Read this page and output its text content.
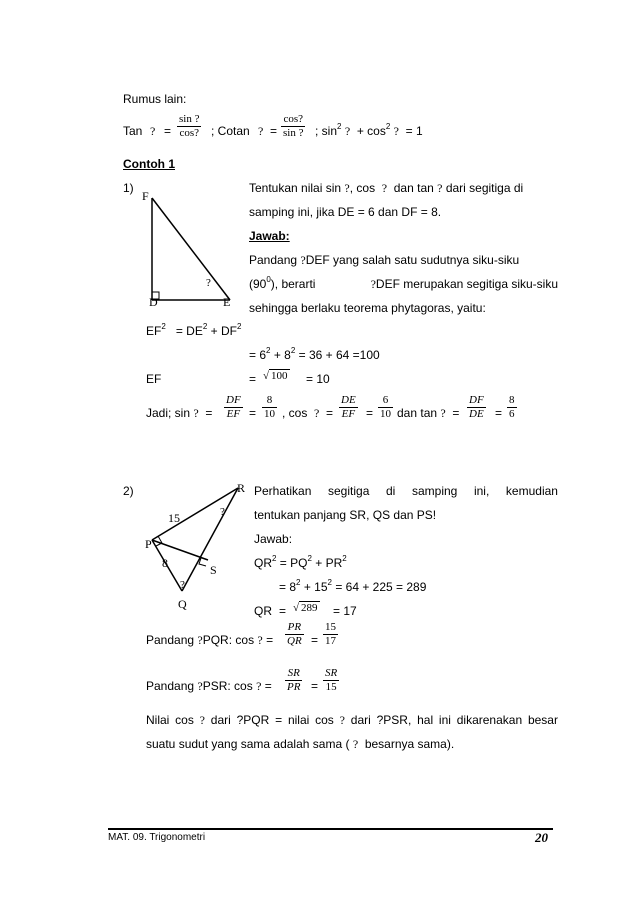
Rumus lain:
Tan ? = $\frac{\sin ?}{\cos?}$ ; Cotan ? = $\frac{\cos?}{\sin ?}$ ; $\sin^2$ ? + $\cos^2$ ? = 1
Contoh 1
1)
F
?
D	E
Tentukan nilai sin ?, cos ? dan tan ? dari segitiga di
samping ini, jika DE = 6 dan DF = 8.
Jawab:
Pandang ?DEF yang salah satu sudutnya siku-siku
$(90^0)$, berarti	?DEF merupakan segitiga siku-siku
sehingga berlaku teorema phytagoras, yaitu:
$EF^2 = DE^2 + DF^2$
= $6^2 + 8^2 = 36 + 64 =100$
EF	= √ 100 = 10
Jadi; sin ? = $\frac{DF}{EF} = \frac{8}{10}$ , cos ? = $\frac{DE}{EF} = \frac{6}{10}$ dan tan ? = $\frac{DF}{DE} = \frac{8}{6}$
2)
?
?
R
15
P
8	S
Q
Perhatikan segitiga di samping ini, kemudian
tentukan panjang SR, QS dan PS!
Jawab:
$QR^2 = PQ^2 + PR^2$
= $8^2 + 15^2 = 64 + 225 = 289$
QR = √ 289 = 17
Pandang ?PQR: cos ? = $\frac{PR}{QR} = \frac{15}{17}$
Pandang ?PSR: cos ? = $\frac{SR}{PR} = \frac{SR}{15}$
Nilai cos ? dari ?PQR = nilai cos ? dari ?PSR, hal ini dikarenakan besar
suatu sudut yang sama adalah sama ( ? besarnya sama).
MAT. 09. Trigonometri	20
